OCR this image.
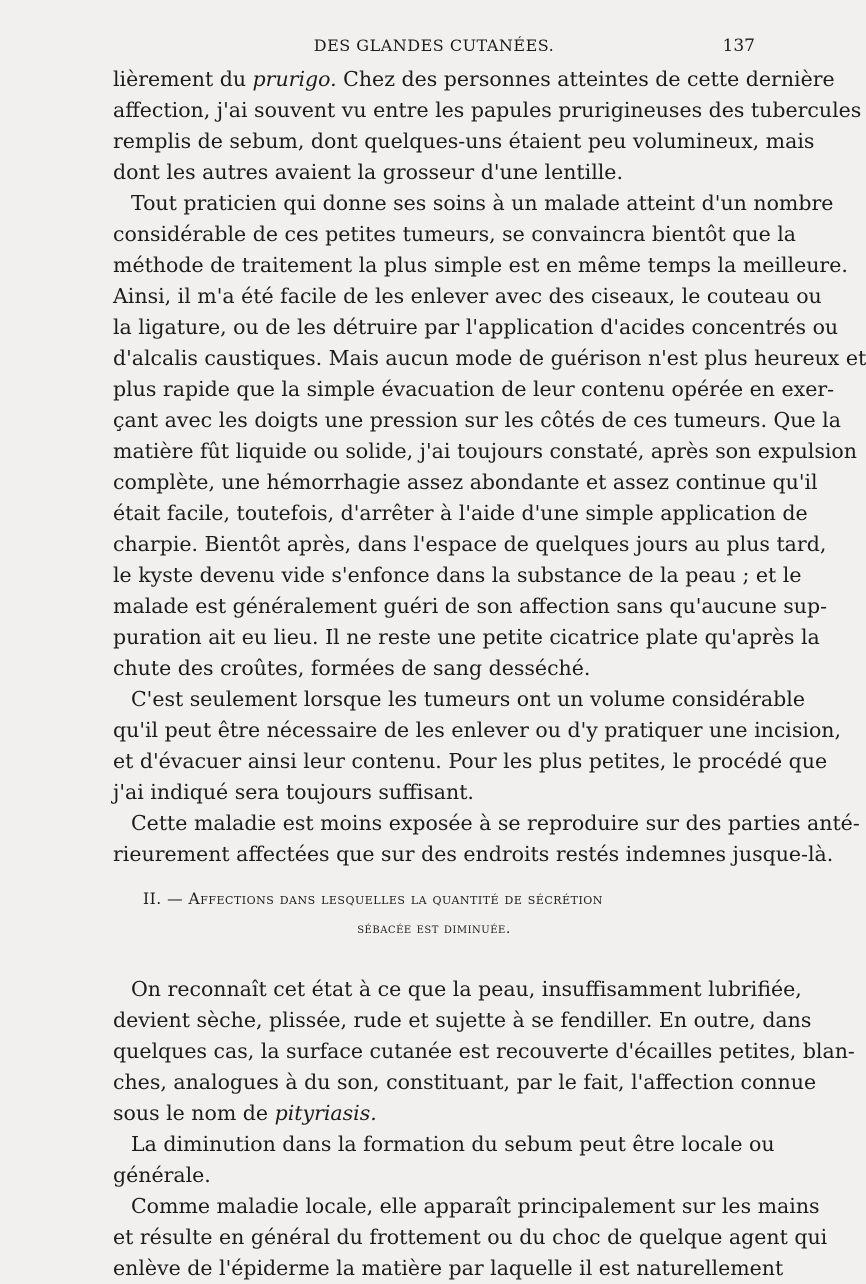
DES GLANDES CUTANÉES.	137
lièrement du prurigo. Chez des personnes atteintes de cette dernière
affection, j'ai souvent vu entre les papules prurigineuses des tubercules
remplis de sebum, dont quelques-uns étaient peu volumineux, mais
dont les autres avaient la grosseur d'une lentille.
Tout praticien qui donne ses soins à un malade atteint d'un nombre
considérable de ces petites tumeurs, se convaincra bientôt que la
méthode de traitement la plus simple est en même temps la meilleure.
Ainsi, il m'a été facile de les enlever avec des ciseaux, le couteau ou
la ligature, ou de les détruire par l'application d'acides concentrés ou
d'alcalis caustiques. Mais aucun mode de guérison n'est plus heureux et
plus rapide que la simple évacuation de leur contenu opérée en exer-
çant avec les doigts une pression sur les côtés de ces tumeurs. Que la
matière fût liquide ou solide, j'ai toujours constaté, après son expulsion
complète, une hémorrhagie assez abondante et assez continue qu'il
était facile, toutefois, d'arrêter à l'aide d'une simple application de
charpie. Bientôt après, dans l'espace de quelques jours au plus tard,
le kyste devenu vide s'enfonce dans la substance de la peau ; et le
malade est généralement guéri de son affection sans qu'aucune sup-
puration ait eu lieu. Il ne reste une petite cicatrice plate qu'après la
chute des croûtes, formées de sang desséché.
C'est seulement lorsque les tumeurs ont un volume considérable
qu'il peut être nécessaire de les enlever ou d'y pratiquer une incision,
et d'évacuer ainsi leur contenu. Pour les plus petites, le procédé que
j'ai indiqué sera toujours suffisant.
Cette maladie est moins exposée à se reproduire sur des parties anté-
rieurement affectées que sur des endroits restés indemnes jusque-là.
II. — Affections dans lesquelles la quantité de sécrétion
sébacée est diminuée.
On reconnaît cet état à ce que la peau, insuffisamment lubrifiée,
devient sèche, plissée, rude et sujette à se fendiller. En outre, dans
quelques cas, la surface cutanée est recouverte d'écailles petites, blan-
ches, analogues à du son, constituant, par le fait, l'affection connue
sous le nom de pityriasis.
La diminution dans la formation du sebum peut être locale ou
générale.
Comme maladie locale, elle apparaît principalement sur les mains
et résulte en général du frottement ou du choc de quelque agent qui
enlève de l'épiderme la matière par laquelle il est naturellement
